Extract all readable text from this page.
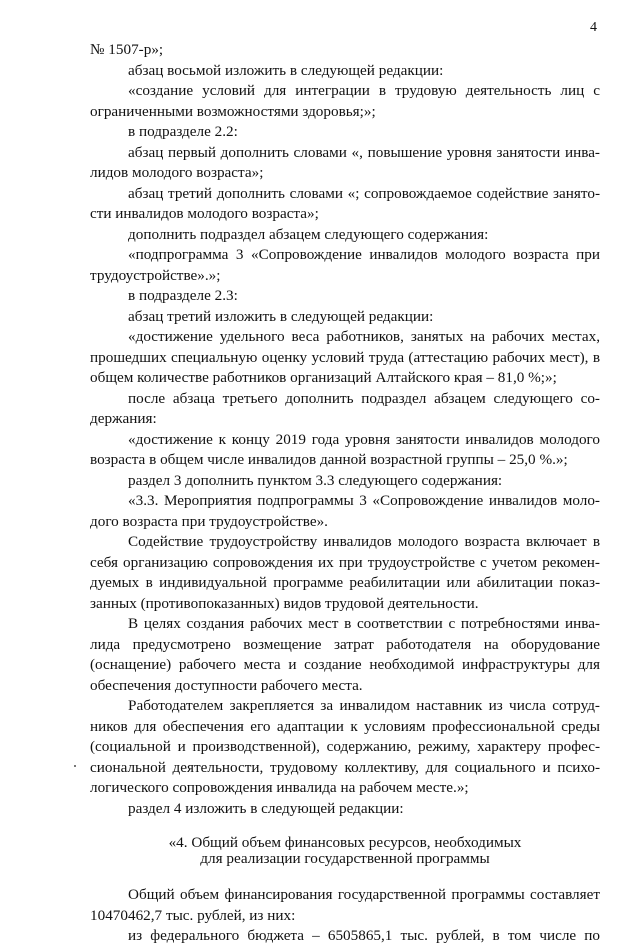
4
№ 1507-р»;
абзац восьмой изложить в следующей редакции:
«создание условий для интеграции в трудовую деятельность лиц с
ограниченными возможностями здоровья;»;
в подразделе 2.2:
абзац первый дополнить словами «, повышение уровня занятости инва-
лидов молодого возраста»;
абзац третий дополнить словами «; сопровождаемое содействие занято-
сти инвалидов молодого возраста»;
дополнить подраздел абзацем следующего содержания:
«подпрограмма 3 «Сопровождение инвалидов молодого возраста при
трудоустройстве».»;
в подразделе 2.3:
абзац третий изложить в следующей редакции:
«достижение удельного веса работников, занятых на рабочих местах,
прошедших специальную оценку условий труда (аттестацию рабочих мест), в
общем количестве работников организаций Алтайского края – 81,0 %;»;
после абзаца третьего дополнить подраздел абзацем следующего со-
держания:
«достижение к концу 2019 года уровня занятости инвалидов молодого
возраста в общем числе инвалидов данной возрастной группы – 25,0 %.»;
раздел 3 дополнить пунктом 3.3 следующего содержания:
«3.3. Мероприятия подпрограммы 3 «Сопровождение инвалидов моло-
дого возраста при трудоустройстве».
Содействие трудоустройству инвалидов молодого возраста включает в
себя организацию сопровождения их при трудоустройстве с учетом рекомен-
дуемых в индивидуальной программе реабилитации или абилитации показ-
занных (противопоказанных) видов трудовой деятельности.
В целях создания рабочих мест в соответствии с потребностями инва-
лида предусмотрено возмещение затрат работодателя на оборудование
(оснащение) рабочего места и создание необходимой инфраструктуры для
обеспечения доступности рабочего места.
Работодателем закрепляется за инвалидом наставник из числа сотруд-
ников для обеспечения его адаптации к условиям профессиональной среды
(социальной и производственной), содержанию, режиму, характеру профес-
сиональной деятельности, трудовому коллективу, для социального и психо-
логического сопровождения инвалида на рабочем месте.»;
раздел 4 изложить в следующей редакции:
«4. Общий объем финансовых ресурсов, необходимых
для реализации государственной программы
Общий объем финансирования государственной программы составляет
10470462,7 тыс. рублей, из них:
из федерального бюджета – 6505865,1 тыс. рублей, в том числе по
